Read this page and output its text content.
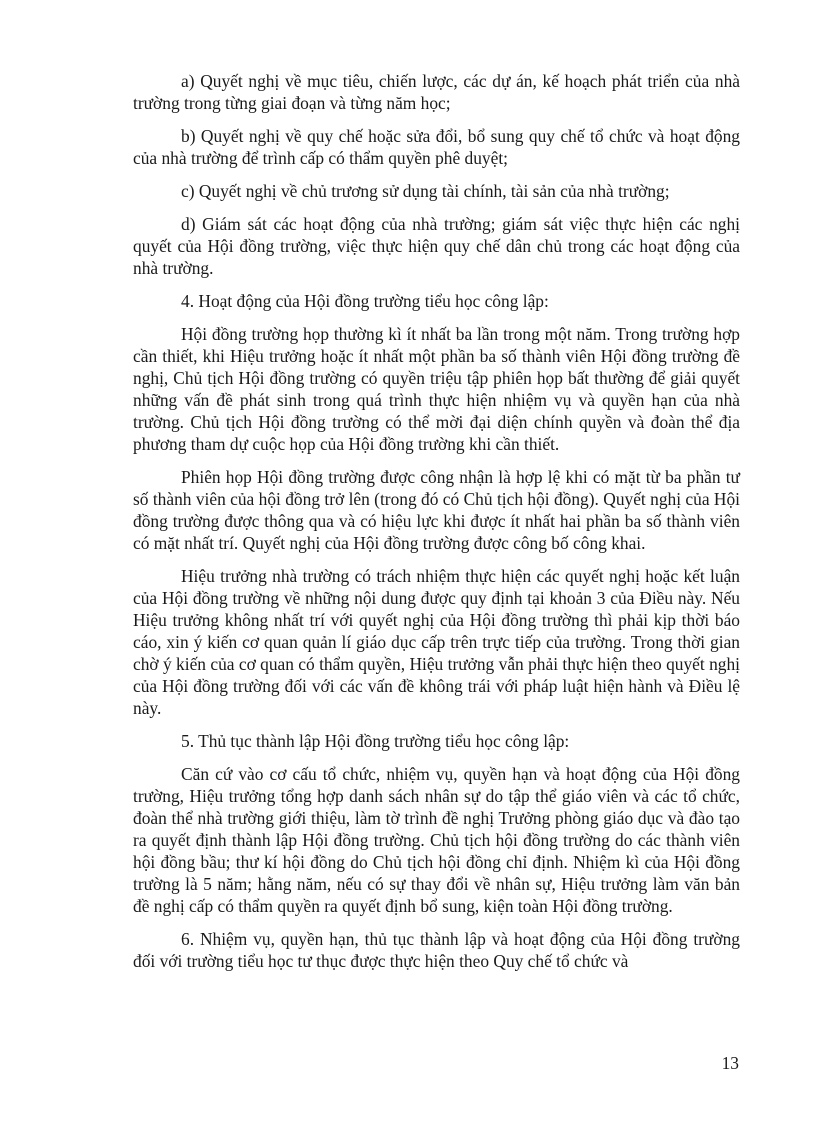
a) Quyết nghị về mục tiêu, chiến lược, các dự án, kế hoạch phát triển của nhà trường trong từng giai đoạn và từng năm học;

b) Quyết nghị về quy chế hoặc sửa đổi, bổ sung quy chế tổ chức và hoạt động của nhà trường để trình cấp có thẩm quyền phê duyệt;

c) Quyết nghị về chủ trương sử dụng tài chính, tài sản của nhà trường;

d) Giám sát các hoạt động của nhà trường; giám sát việc thực hiện các nghị quyết của Hội đồng trường, việc thực hiện quy chế dân chủ trong các hoạt động của nhà trường.

4. Hoạt động của Hội đồng trường tiểu học công lập:

Hội đồng trường họp thường kì ít nhất ba lần trong một năm. Trong trường hợp cần thiết, khi Hiệu trưởng hoặc ít nhất một phần ba số thành viên Hội đồng trường đề nghị, Chủ tịch Hội đồng trường có quyền triệu tập phiên họp bất thường để giải quyết những vấn đề phát sinh trong quá trình thực hiện nhiệm vụ và quyền hạn của nhà trường. Chủ tịch Hội đồng trường có thể mời đại diện chính quyền và đoàn thể địa phương tham dự cuộc họp của Hội đồng trường khi cần thiết.

Phiên họp Hội đồng trường được công nhận là hợp lệ khi có mặt từ ba phần tư số thành viên của hội đồng trở lên (trong đó có Chủ tịch hội đồng). Quyết nghị của Hội đồng trường được thông qua và có hiệu lực khi được ít nhất hai phần ba số thành viên có mặt nhất trí. Quyết nghị của Hội đồng trường được công bố công khai.

Hiệu trưởng nhà trường có trách nhiệm thực hiện các quyết nghị hoặc kết luận của Hội đồng trường về những nội dung được quy định tại khoản 3 của Điều này. Nếu Hiệu trưởng không nhất trí với quyết nghị của Hội đồng trường thì phải kịp thời báo cáo, xin ý kiến cơ quan quản lí giáo dục cấp trên trực tiếp của trường. Trong thời gian chờ ý kiến của cơ quan có thẩm quyền, Hiệu trưởng vẫn phải thực hiện theo quyết nghị của Hội đồng trường đối với các vấn đề không trái với pháp luật hiện hành và Điều lệ này.

5. Thủ tục thành lập Hội đồng trường tiểu học công lập:

Căn cứ vào cơ cấu tổ chức, nhiệm vụ, quyền hạn và hoạt động của Hội đồng trường, Hiệu trưởng tổng hợp danh sách nhân sự do tập thể giáo viên và các tổ chức, đoàn thể nhà trường giới thiệu, làm tờ trình đề nghị Trưởng phòng giáo dục và đào tạo ra quyết định thành lập Hội đồng trường. Chủ tịch hội đồng trường do các thành viên hội đồng bầu; thư kí hội đồng do Chủ tịch hội đồng chỉ định. Nhiệm kì của Hội đồng trường là 5 năm; hằng năm, nếu có sự thay đổi về nhân sự, Hiệu trưởng làm văn bản đề nghị cấp có thẩm quyền ra quyết định bổ sung, kiện toàn Hội đồng trường.

6. Nhiệm vụ, quyền hạn, thủ tục thành lập và hoạt động của Hội đồng trường đối với trường tiểu học tư thục được thực hiện theo Quy chế tổ chức và

13
